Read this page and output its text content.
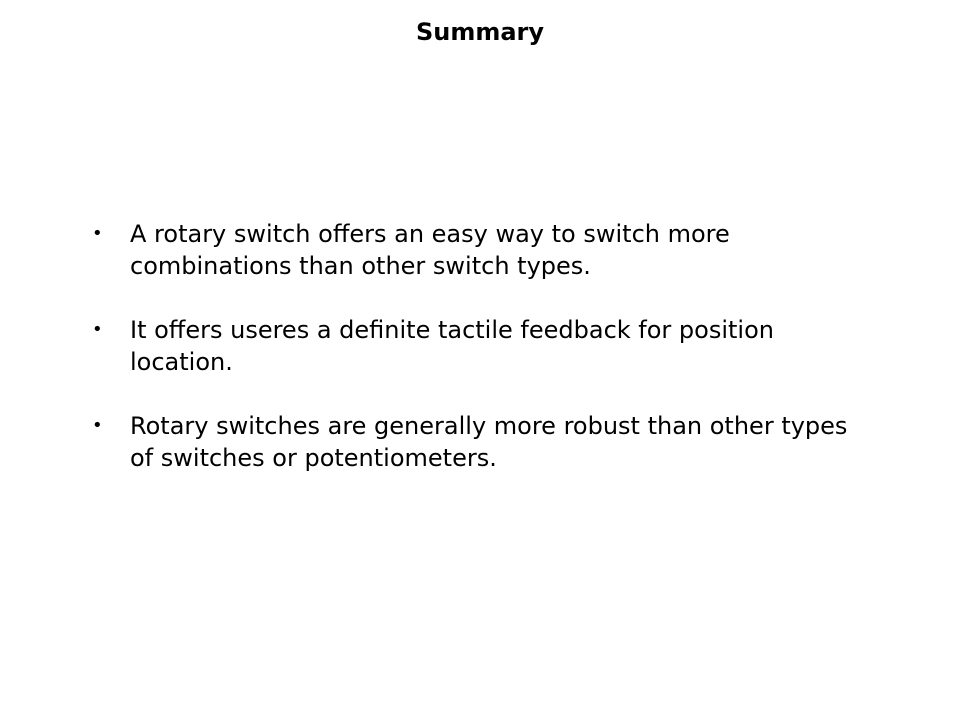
Summary
• A rotary switch offers an easy way to switch more combinations than other switch types.
• It offers useres a definite tactile feedback for position location.
• Rotary switches are generally more robust than other types of switches or potentiometers.
